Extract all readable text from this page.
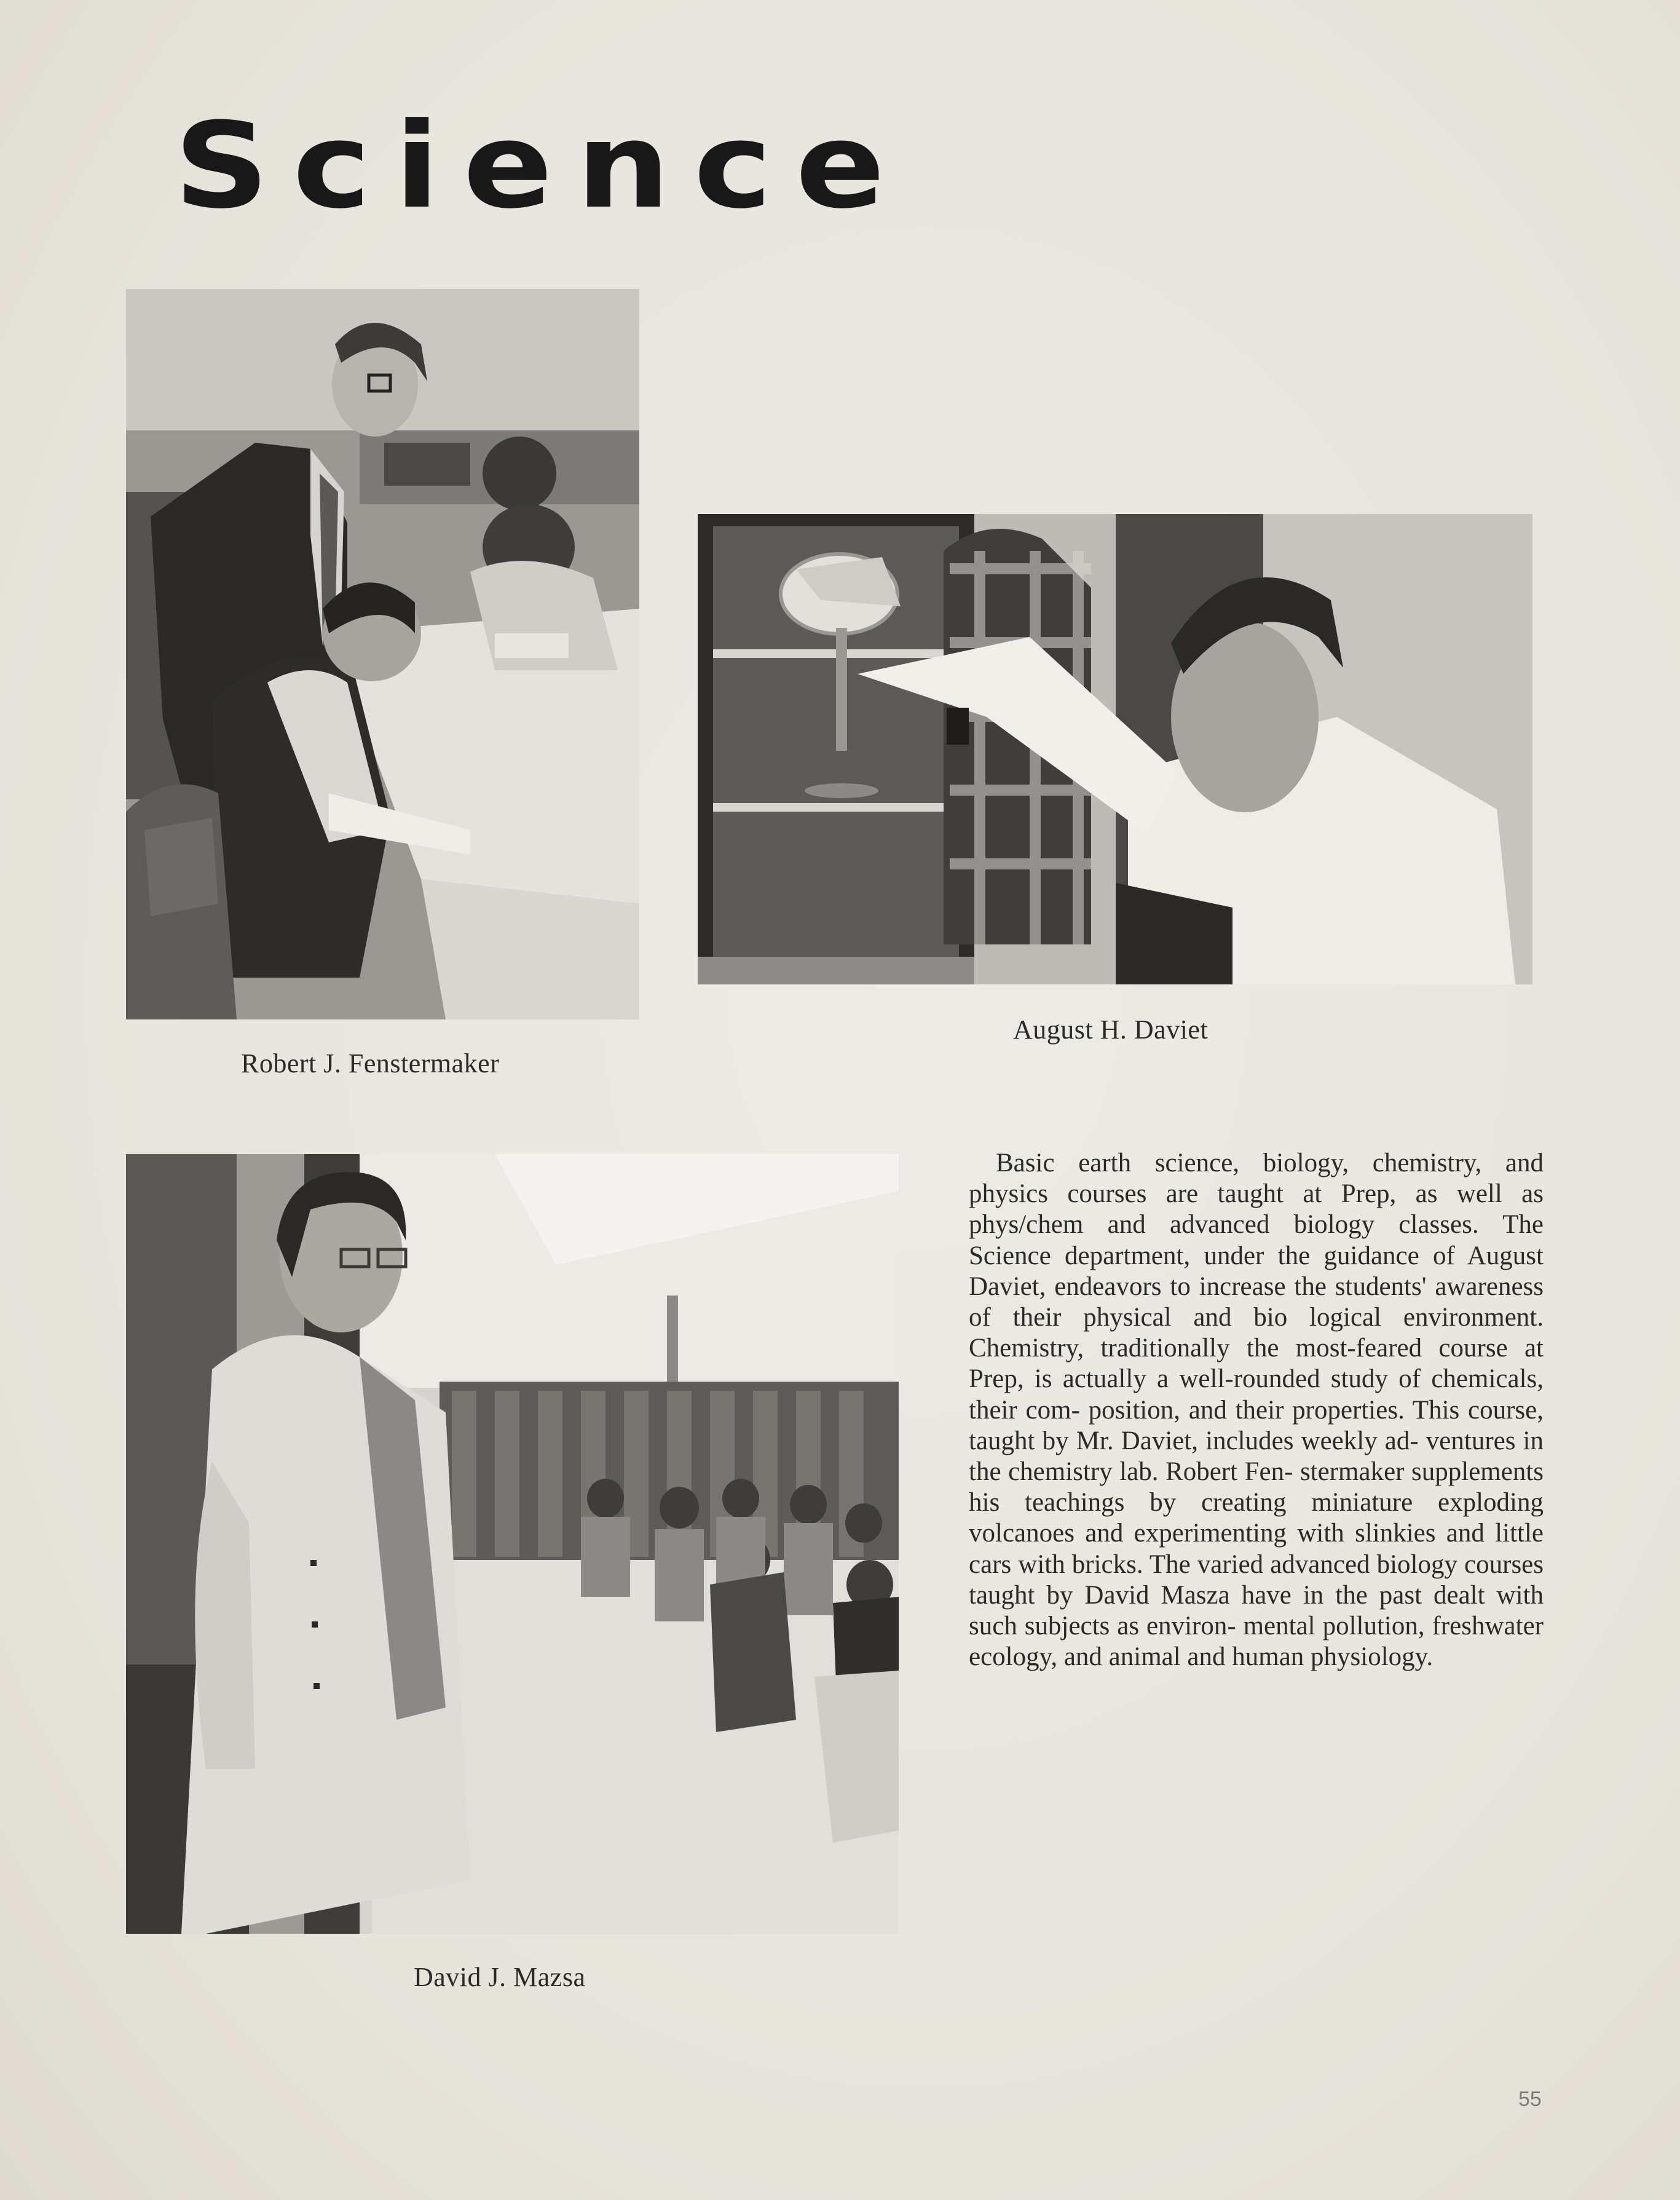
Science
Robert J. Fenstermaker
August H. Daviet
David J. Mazsa

Basic earth science, biology, chemistry, and physics courses are taught at Prep, as well as phys/chem and advanced biology classes. The Science department, under the guidance of August Daviet, endeavors to increase the students' awareness of their physical and bio logical environment. Chemistry, traditionally the most-feared course at Prep, is actually a well-rounded study of chemicals, their com- position, and their properties. This course, taught by Mr. Daviet, includes weekly ad- ventures in the chemistry lab. Robert Fen- stermaker supplements his teachings by creating miniature exploding volcanoes and experimenting with slinkies and little cars with bricks. The varied advanced biology courses taught by David Masza have in the past dealt with such subjects as environ- mental pollution, freshwater ecology, and animal and human physiology.

55
